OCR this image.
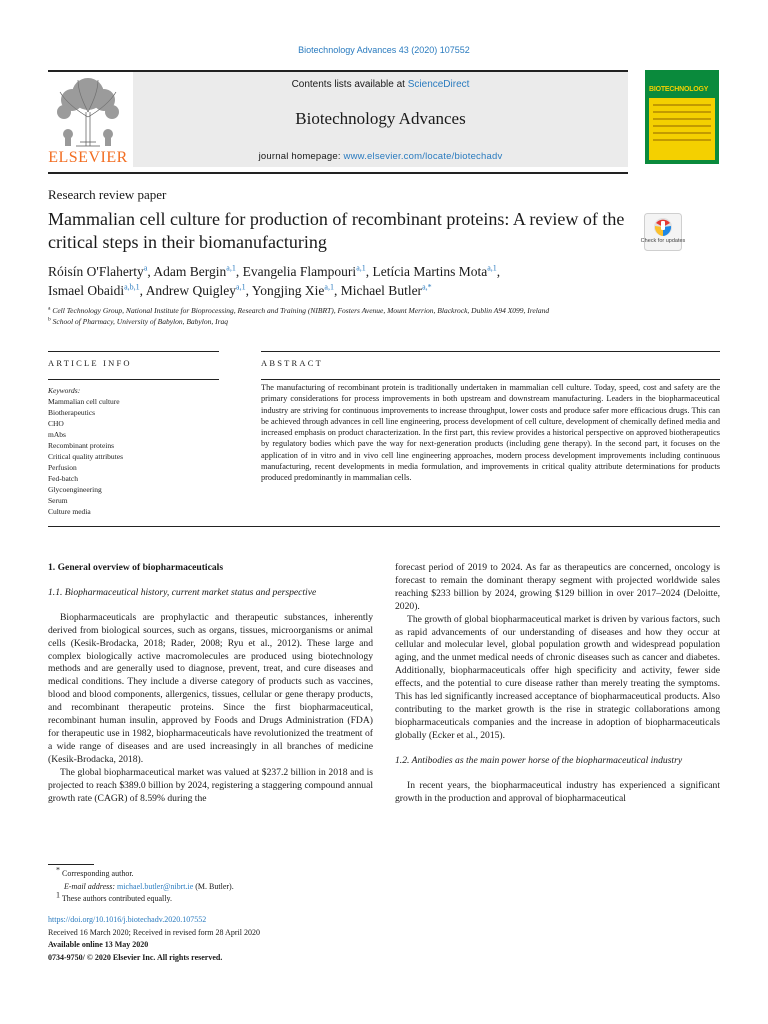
Biotechnology Advances 43 (2020) 107552
ELSEVIER
Contents lists available at ScienceDirect
Biotechnology Advances
journal homepage: www.elsevier.com/locate/biotechadv
BIOTECHNOLOGY
Research review paper
Mammalian cell culture for production of recombinant proteins: A review of the critical steps in their biomanufacturing	Check for updates
Róisín O'Flaherty$^a$, Adam Bergin$^{a,1}$, Evangelia Flampouri$^{a,1}$, Letícia Martins Mota$^{a,1}$,
Ismael Obaidi$^{a,b,1}$, Andrew Quigley$^{a,1}$, Yongjing Xie$^{a,1}$, Michael Butler$^{a,*}$
$^a$ Cell Technology Group, National Institute for Bioprocessing, Research and Training (NIBRT), Fosters Avenue, Mount Merrion, Blackrock, Dublin A94 X099, Ireland
$^b$ School of Pharmacy, University of Babylon, Babylon, Iraq
ARTICLE INFO	ABSTRACT
Keywords:
Mammalian cell culture
Biotherapeutics
CHO
mAbs
Recombinant proteins
Critical quality attributes
Perfusion
Fed-batch
Glycoengineering
Serum
Culture media
The manufacturing of recombinant protein is traditionally undertaken in mammalian cell culture. Today, speed, cost and safety are the primary considerations for process improvements in both upstream and downstream manufacturing. Leaders in the biopharmaceutical industry are striving for continuous improvements to increase throughput, lower costs and produce safer more efficacious drugs. This can be achieved through advances in cell line engineering, process development of cell culture, development of chemically defined media and increased emphasis on product characterization. In the first part, this review provides a historical perspective on approved biotherapeutics by regulatory bodies which pave the way for next-generation products (including gene therapy). In the second part, it focuses on the application of in vitro and in vivo cell line engineering approaches, modern process development improvements including continuous manufacturing, recent developments in media formulation, and improvements in critical quality attribute determinations for products produced predominantly in mammalian cells.
1. General overview of biopharmaceuticals
1.1. Biopharmaceutical history, current market status and perspective

Biopharmaceuticals are prophylactic and therapeutic substances, inherently derived from biological sources, such as organs, tissues, microorganisms or animal cells (Kesik-Brodacka, 2018; Rader, 2008; Ryu et al., 2012). These large and complex biologically active macromolecules are produced using biotechnology methods and are generally used to diagnose, prevent, treat, and cure diseases and medical conditions. They include a diverse category of products such as vaccines, blood and blood components, allergenics, tissues, cellular or gene therapy products, and recombinant therapeutic proteins. Since the first biopharmaceutical, recombinant human insulin, approved by Foods and Drugs Administration (FDA) for therapeutic use in 1982, biopharmaceuticals have revolutionized the treatment of a wide range of diseases and are used increasingly in all branches of medicine (Kesik-Brodacka, 2018).

The global biopharmaceutical market was valued at $237.2 billion in 2018 and is projected to reach $389.0 billion by 2024, registering a staggering compound annual growth rate (CAGR) of 8.59% during the

forecast period of 2019 to 2024. As far as therapeutics are concerned, oncology is forecast to remain the dominant therapy segment with projected worldwide sales reaching $233 billion by 2024, growing $129 billion in over 2017–2024 (Deloitte, 2020).

The growth of global biopharmaceutical market is driven by various factors, such as rapid advancements of our understanding of diseases and how they occur at cellular and molecular level, global population growth and widespread population aging, and the unmet medical needs of chronic diseases such as cancer and diabetes. Additionally, biopharmaceuticals offer high specificity and activity, fewer side effects, and the potential to cure disease rather than merely treating the symptoms. This has led significantly increased acceptance of biopharmaceutical products. Also contributing to the market growth is the rise in strategic collaborations among biopharmaceuticals companies and the increase in adoption of biopharmaceuticals globally (Ecker et al., 2015).

1.2. Antibodies as the main power horse of the biopharmaceutical industry

In recent years, the biopharmaceutical industry has experienced a significant growth in the production and approval of biopharmaceutical

* Corresponding author.
E-mail address: michael.butler@nibrt.ie (M. Butler).
$^1$ These authors contributed equally.
https://doi.org/10.1016/j.biotechadv.2020.107552
Received 16 March 2020; Received in revised form 28 April 2020
Available online 13 May 2020
0734-9750/ © 2020 Elsevier Inc. All rights reserved.
